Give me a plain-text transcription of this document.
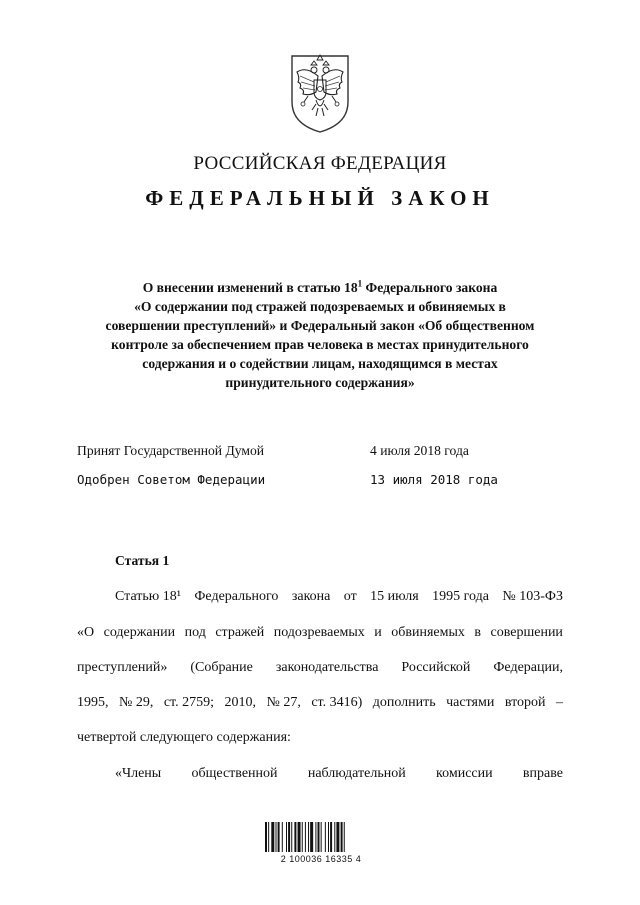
РОССИЙСКАЯ ФЕДЕРАЦИЯ
ФЕДЕРАЛЬНЫЙ ЗАКОН
О внесении изменений в статью $18^1$ Федерального закона
«О содержании под стражей подозреваемых и обвиняемых в
совершении преступлений» и Федеральный закон «Об общественном
контроле за обеспечением прав человека в местах принудительного
содержания и о содействии лицам, находящимся в местах
принудительного содержания»
Принят Государственной Думой	4 июля 2018 года
Одобрен Советом Федерации	13 июля 2018 года
Статья 1
Статью 18¹ Федерального закона от 15 июля 1995 года № 103-ФЗ
«О содержании под стражей подозреваемых и обвиняемых в совершении
преступлений» (Собрание законодательства Российской Федерации,
1995, № 29, ст. 2759; 2010, № 27, ст. 3416) дополнить частями второй –
четвертой следующего содержания:
«Члены общественной наблюдательной комиссии вправе
2 100036 16335 4
